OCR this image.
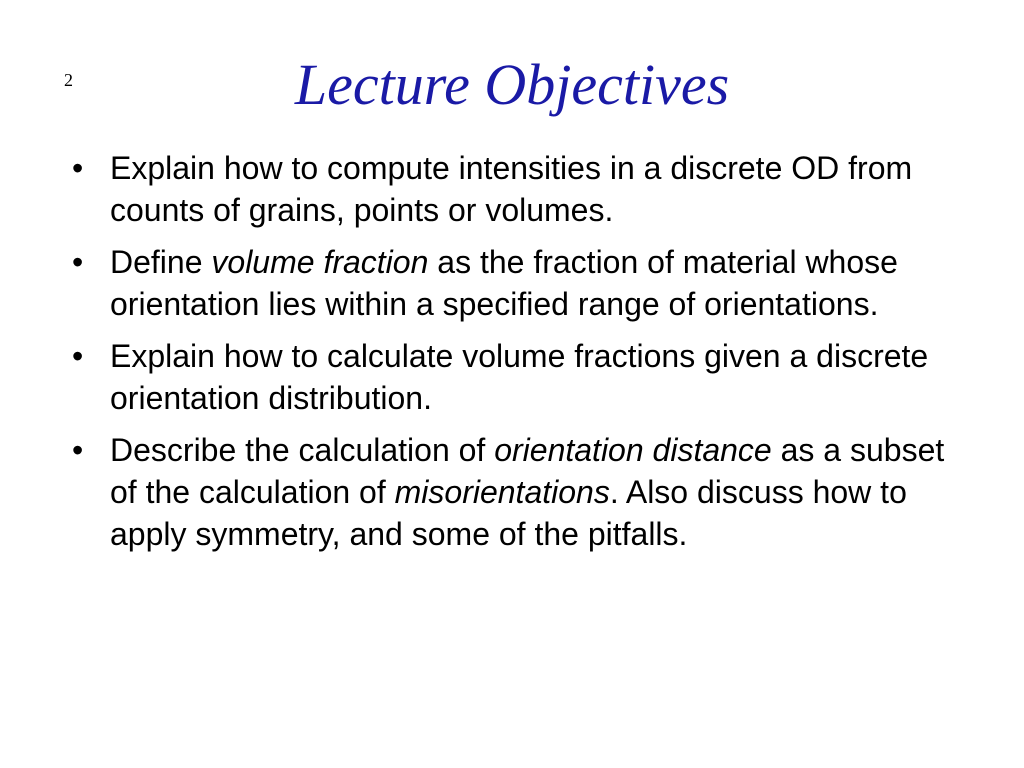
2	Lecture Objectives
• Explain how to compute intensities in a discrete OD from counts of grains, points or volumes.
• Define volume fraction as the fraction of material whose orientation lies within a specified range of orientations.
• Explain how to calculate volume fractions given a discrete orientation distribution.
• Describe the calculation of orientation distance as a subset of the calculation of misorientations. Also discuss how to apply symmetry, and some of the pitfalls.
